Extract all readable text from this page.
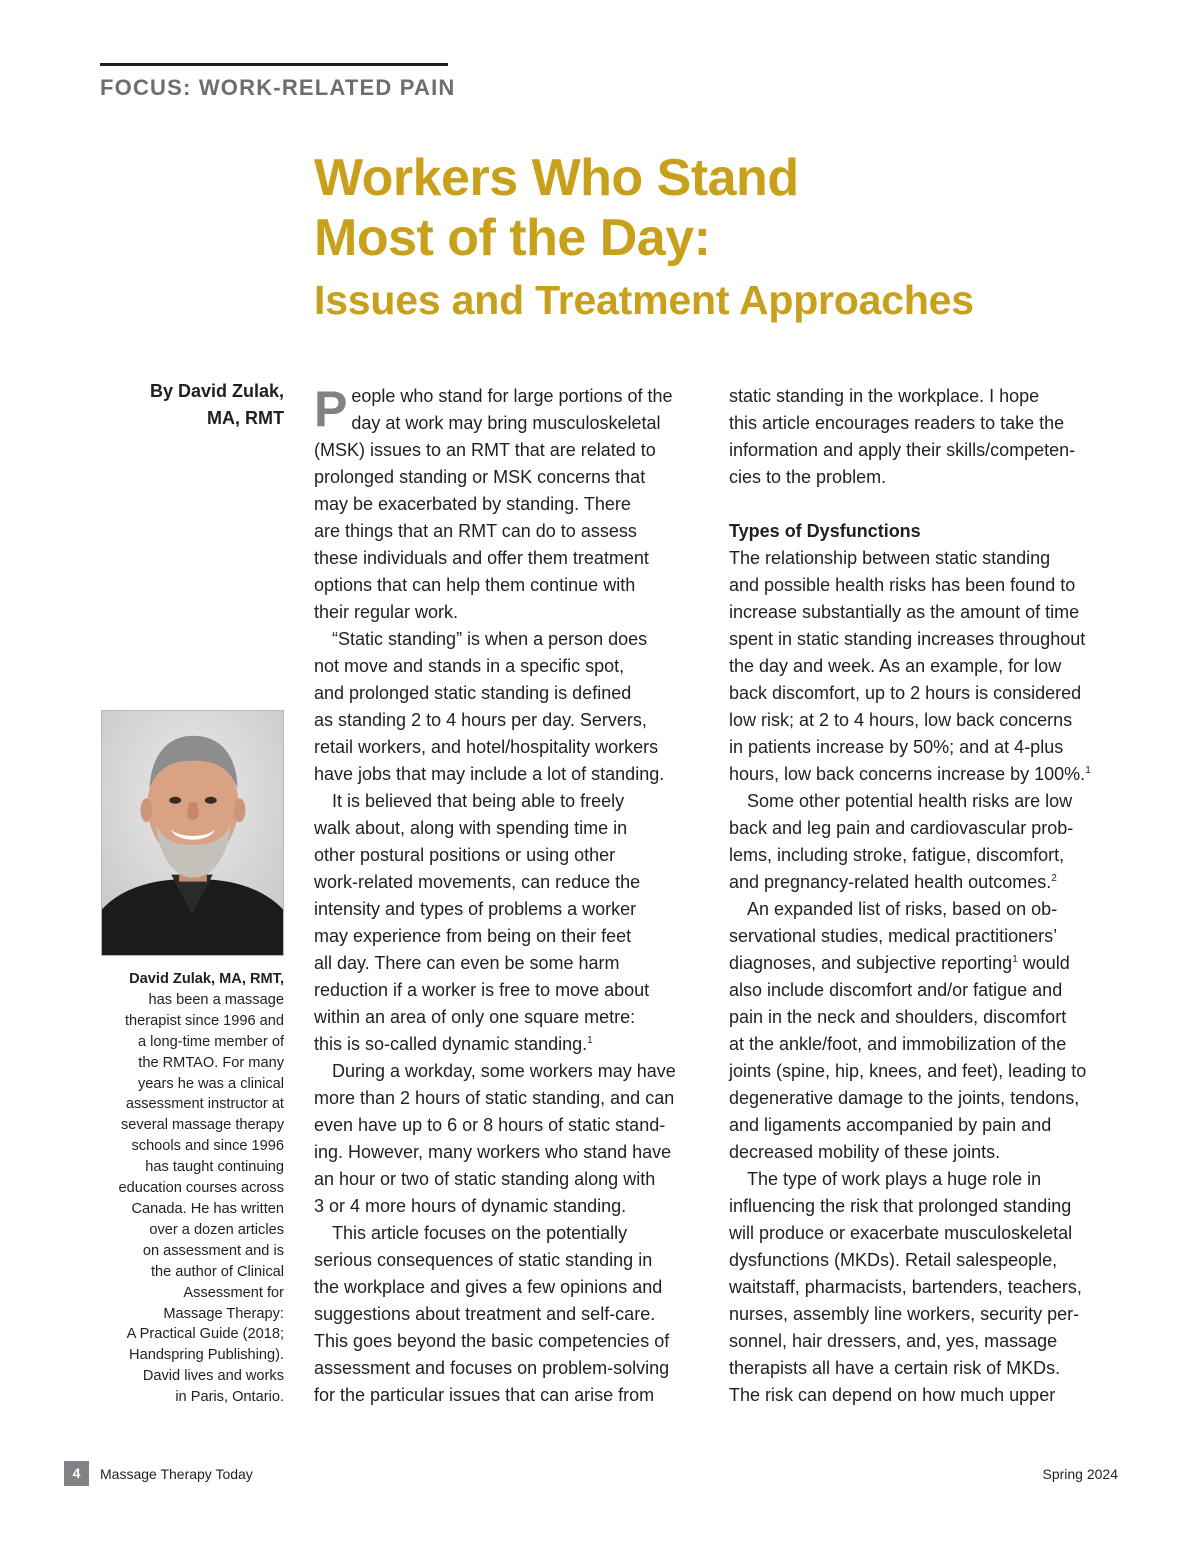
FOCUS: WORK-RELATED PAIN
Workers Who Stand
Most of the Day:
Issues and Treatment Approaches
By David Zulak,
MA, RMT
David Zulak, MA, RMT,
has been a massage
therapist since 1996 and
a long-time member of
the RMTAO. For many
years he was a clinical
assessment instructor at
several massage therapy
schools and since 1996
has taught continuing
education courses across
Canada. He has written
over a dozen articles
on assessment and is
the author of Clinical
Assessment for
Massage Therapy:
A Practical Guide (2018;
Handspring Publishing).
David lives and works
in Paris, Ontario.

P eople who stand for large portions of the
day at work may bring musculoskeletal
(MSK) issues to an RMT that are related to
prolonged standing or MSK concerns that
may be exacerbated by standing. There
are things that an RMT can do to assess
these individuals and offer them treatment
options that can help them continue with
their regular work.

“Static standing” is when a person does
not move and stands in a specific spot,
and prolonged static standing is defined
as standing 2 to 4 hours per day. Servers,
retail workers, and hotel/hospitality workers
have jobs that may include a lot of standing.

It is believed that being able to freely
walk about, along with spending time in
other postural positions or using other
work-related movements, can reduce the
intensity and types of problems a worker
may experience from being on their feet
all day. There can even be some harm
reduction if a worker is free to move about
within an area of only one square metre:
this is so-called dynamic standing.$^1$

During a workday, some workers may have
more than 2 hours of static standing, and can
even have up to 6 or 8 hours of static stand-
ing. However, many workers who stand have
an hour or two of static standing along with
3 or 4 more hours of dynamic standing.

This article focuses on the potentially
serious consequences of static standing in
the workplace and gives a few opinions and
suggestions about treatment and self-care.
This goes beyond the basic competencies of
assessment and focuses on problem-solving
for the particular issues that can arise from

static standing in the workplace. I hope
this article encourages readers to take the
information and apply their skills/competen-
cies to the problem.

Types of Dysfunctions

The relationship between static standing
and possible health risks has been found to
increase substantially as the amount of time
spent in static standing increases throughout
the day and week. As an example, for low
back discomfort, up to 2 hours is considered
low risk; at 2 to 4 hours, low back concerns
in patients increase by 50%; and at 4-plus
hours, low back concerns increase by 100%.$^1$

Some other potential health risks are low
back and leg pain and cardiovascular prob-
lems, including stroke, fatigue, discomfort,
and pregnancy-related health outcomes.$^2$

An expanded list of risks, based on ob-
servational studies, medical practitioners’
diagnoses, and subjective reporting$^1$ would
also include discomfort and/or fatigue and
pain in the neck and shoulders, discomfort
at the ankle/foot, and immobilization of the
joints (spine, hip, knees, and feet), leading to
degenerative damage to the joints, tendons,
and ligaments accompanied by pain and
decreased mobility of these joints.

The type of work plays a huge role in
influencing the risk that prolonged standing
will produce or exacerbate musculoskeletal
dysfunctions (MKDs). Retail salespeople,
waitstaff, pharmacists, bartenders, teachers,
nurses, assembly line workers, security per-
sonnel, hair dressers, and, yes, massage
therapists all have a certain risk of MKDs.
The risk can depend on how much upper

4	Massage Therapy Today	Spring 2024
